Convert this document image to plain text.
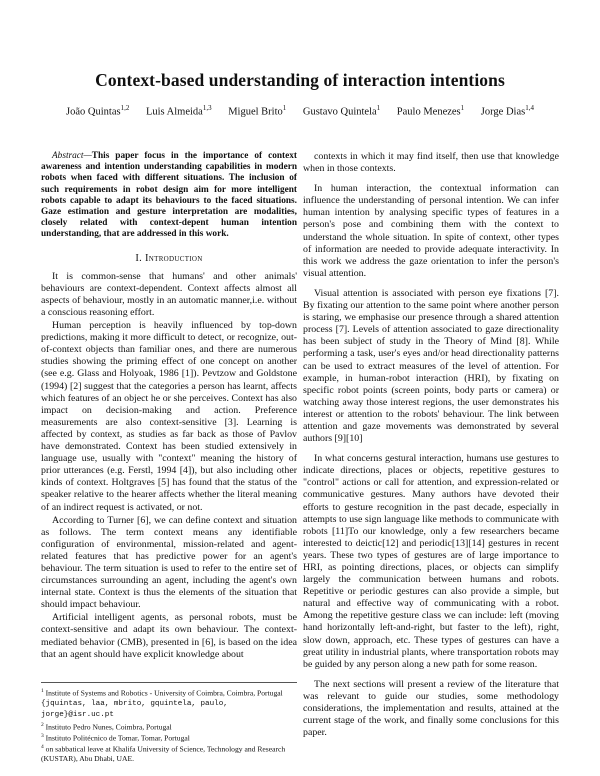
Context-based understanding of interaction intentions
João Quintas$^{1,2}$ Luis Almeida$^{1,3}$ Miguel Brito$^1$ Gustavo Quintela$^1$ Paulo Menezes$^1$ Jorge Dias$^{1,4}$

Abstract—This paper focus in the importance of context awareness and intention understanding capabilities in modern robots when faced with different situations. The inclusion of such requirements in robot design aim for more intelligent robots capable to adapt its behaviours to the faced situations. Gaze estimation and gesture interpretation are modalities, closely related with context-depent human intention understanding, that are addressed in this work.

I. Introduction

It is common-sense that humans' and other animals' behaviours are context-dependent. Context affects almost all aspects of behaviour, mostly in an automatic manner,i.e. without a conscious reasoning effort.

Human perception is heavily influenced by top-down predictions, making it more difficult to detect, or recognize, out-of-context objects than familiar ones, and there are numerous studies showing the priming effect of one concept on another (see e.g. Glass and Holyoak, 1986 [1]). Pevtzow and Goldstone (1994) [2] suggest that the categories a person has learnt, affects which features of an object he or she perceives. Context has also impact on decision-making and action. Preference measurements are also context-sensitive [3]. Learning is affected by context, as studies as far back as those of Pavlov have demonstrated. Context has been studied extensively in language use, usually with "context" meaning the history of prior utterances (e.g. Ferstl, 1994 [4]), but also including other kinds of context. Holtgraves [5] has found that the status of the speaker relative to the hearer affects whether the literal meaning of an indirect request is activated, or not.

According to Turner [6], we can define context and situation as follows. The term context means any identifiable configuration of environmental, mission-related and agent-related features that has predictive power for an agent's behaviour. The term situation is used to refer to the entire set of circumstances surrounding an agent, including the agent's own internal state. Context is thus the elements of the situation that should impact behaviour.

Artificial intelligent agents, as personal robots, must be context-sensitive and adapt its own behaviour. The context-mediated behavior (CMB), presented in [6], is based on the idea that an agent should have explicit knowledge about

$^1$ Institute of Systems and Robotics - University of Coimbra, Coimbra, Portugal {jquintas, laa, mbrito, gquintela, paulo, jorge}@isr.uc.pt
$^2$ Instituto Pedro Nunes, Coimbra, Portugal
$^3$ Instituto Politécnico de Tomar, Tomar, Portugal
$^4$ on sabbatical leave at Khalifa University of Science, Technology and Research (KUSTAR), Abu Dhabi, UAE.

contexts in which it may find itself, then use that knowledge when in those contexts.

In human interaction, the contextual information can influence the understanding of personal intention. We can infer human intention by analysing specific types of features in a person's pose and combining them with the context to understand the whole situation. In spite of context, other types of information are needed to provide adequate interactivity. In this work we address the gaze orientation to infer the person's visual attention.

Visual attention is associated with person eye fixations [7]. By fixating our attention to the same point where another person is staring, we emphasise our presence through a shared attention process [7]. Levels of attention associated to gaze directionality has been subject of study in the Theory of Mind [8]. While performing a task, user's eyes and/or head directionality patterns can be used to extract measures of the level of attention. For example, in human-robot interaction (HRI), by fixating on specific robot points (screen points, body parts or camera) or watching away those interest regions, the user demonstrates his interest or attention to the robots' behaviour. The link between attention and gaze movements was demonstrated by several authors [9][10]

In what concerns gestural interaction, humans use gestures to indicate directions, places or objects, repetitive gestures to "control" actions or call for attention, and expression-related or communicative gestures. Many authors have devoted their efforts to gesture recognition in the past decade, especially in attempts to use sign language like methods to communicate with robots [11]To our knowledge, only a few researchers became interested to deictic[12] and periodic[13][14] gestures in recent years. These two types of gestures are of large importance to HRI, as pointing directions, places, or objects can simplify largely the communication between humans and robots. Repetitive or periodic gestures can also provide a simple, but natural and effective way of communicating with a robot. Among the repetitive gesture class we can include: left (moving hand horizontally left-and-right, but faster to the left), right, slow down, approach, etc. These types of gestures can have a great utility in industrial plants, where transportation robots may be guided by any person along a new path for some reason.

The next sections will present a review of the literature that was relevant to guide our studies, some methodology considerations, the implementation and results, attained at the current stage of the work, and finally some conclusions for this paper.
